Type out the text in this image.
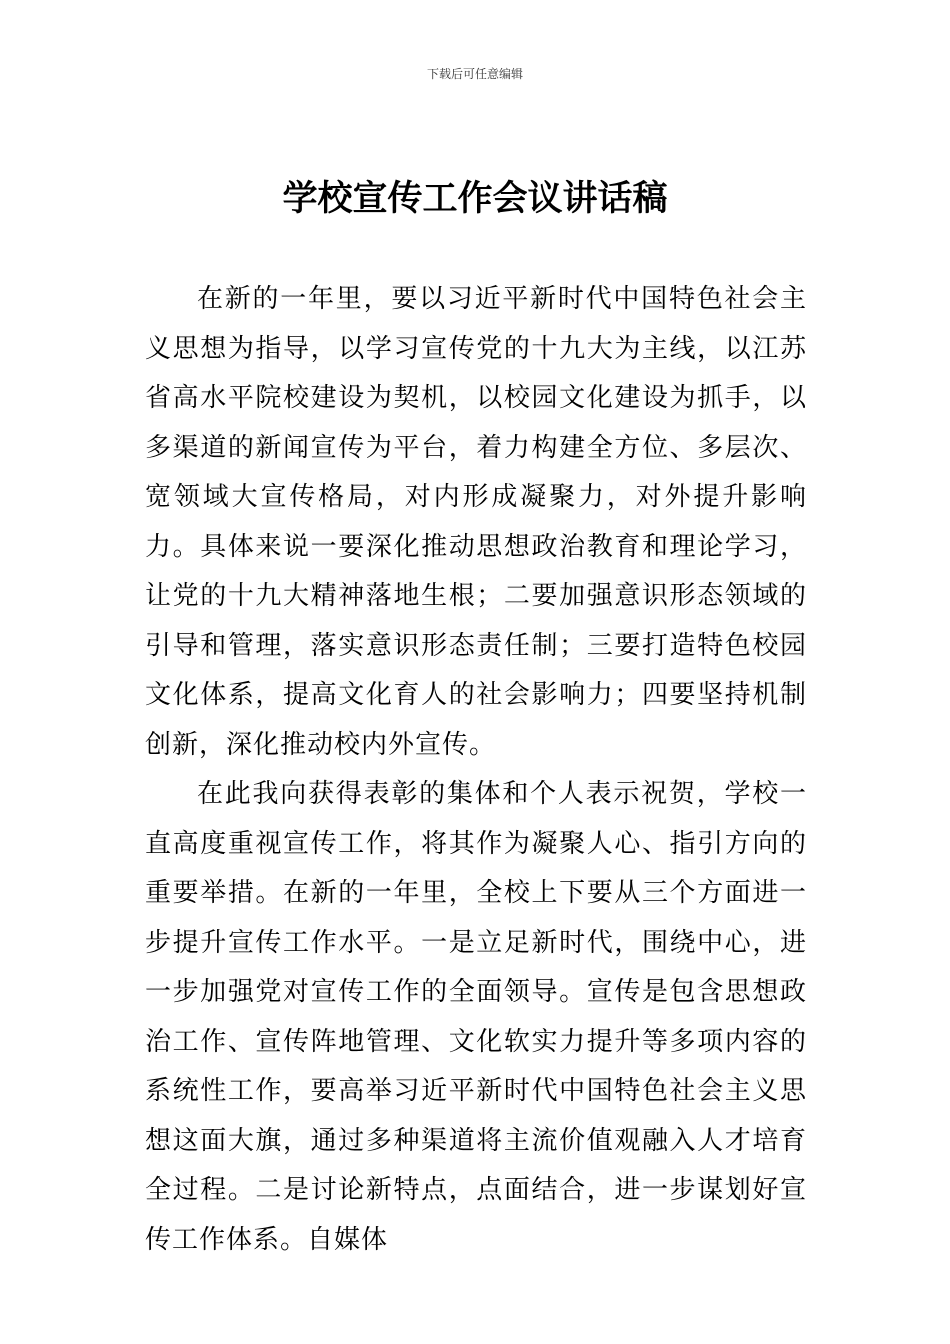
下载后可任意编辑
学校宣传工作会议讲话稿

在新的一年里，要以习近平新时代中国特色社会主义思想为指导，以学习宣传党的十九大为主线，以江苏省高水平院校建设为契机，以校园文化建设为抓手，以多渠道的新闻宣传为平台，着力构建全方位、多层次、宽领域大宣传格局，对内形成凝聚力，对外提升影响力。具体来说一要深化推动思想政治教育和理论学习，让党的十九大精神落地生根；二要加强意识形态领域的引导和管理，落实意识形态责任制；三要打造特色校园文化体系，提高文化育人的社会影响力；四要坚持机制创新，深化推动校内外宣传。

在此我向获得表彰的集体和个人表示祝贺，学校一直高度重视宣传工作，将其作为凝聚人心、指引方向的重要举措。在新的一年里，全校上下要从三个方面进一步提升宣传工作水平。一是立足新时代，围绕中心，进一步加强党对宣传工作的全面领导。宣传是包含思想政治工作、宣传阵地管理、文化软实力提升等多项内容的系统性工作，要高举习近平新时代中国特色社会主义思想这面大旗，通过多种渠道将主流价值观融入人才培育全过程。二是讨论新特点，点面结合，进一步谋划好宣传工作体系。自媒体
